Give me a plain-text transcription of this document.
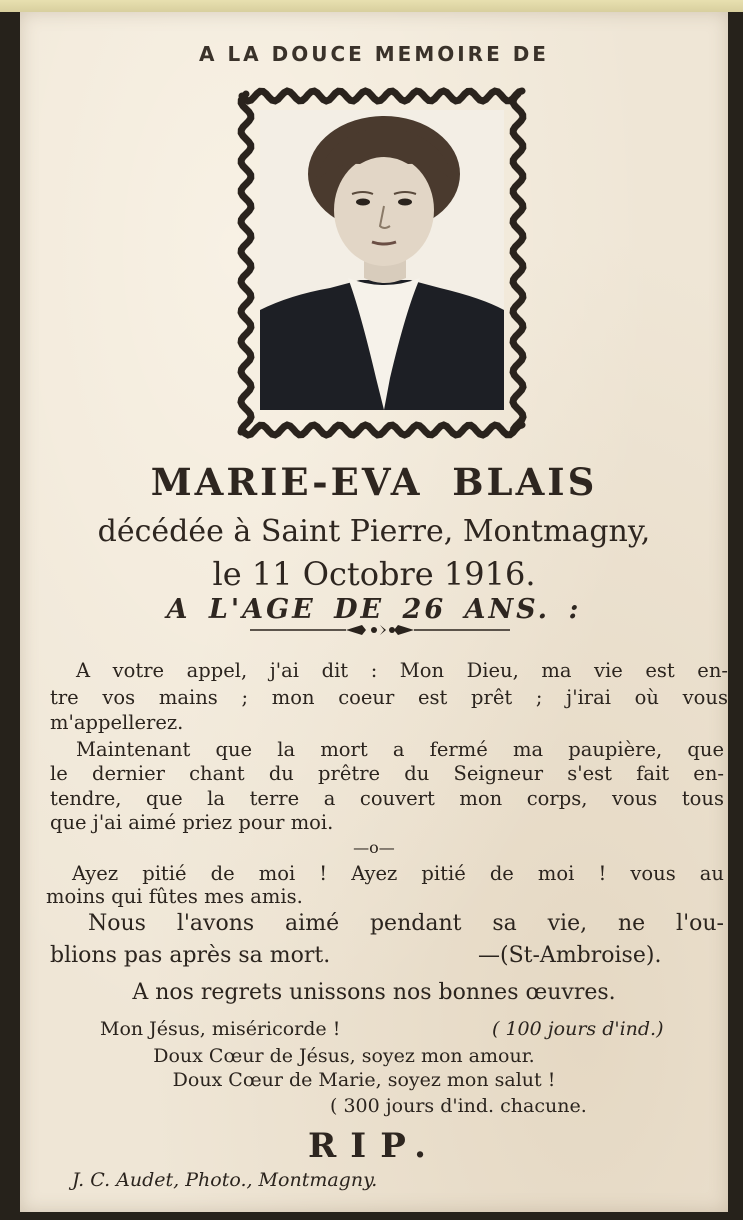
A LA DOUCE MEMOIRE DE

MARIE-EVA BLAIS

décédée à Saint Pierre, Montmagny,

le 11 Octobre 1916.

A L'AGE DE 26 ANS. :

A votre appel, j'ai dit : Mon Dieu, ma vie est en-
tre vos mains ; mon coeur est prêt ; j'irai où vous
m'appellerez.
Maintenant que la mort a fermé ma paupière, que
le dernier chant du prêtre du Seigneur s'est fait en-
tendre, que la terre a couvert mon corps, vous tous
que j'ai aimé priez pour moi.

—o—

Ayez pitié de moi ! Ayez pitié de moi ! vous au
moins qui fûtes mes amis.
Nous l'avons aimé pendant sa vie, ne l'ou-
blions pas après sa mort.	—(St-Ambroise).

A nos regrets unissons nos bonnes œuvres.

Mon Jésus, miséricorde !	( 100 jours d'ind.)

Doux Cœur de Jésus, soyez mon amour.

Doux Cœur de Marie, soyez mon salut !

( 300 jours d'ind. chacune.

RIP.

J. C. Audet, Photo., Montmagny.
